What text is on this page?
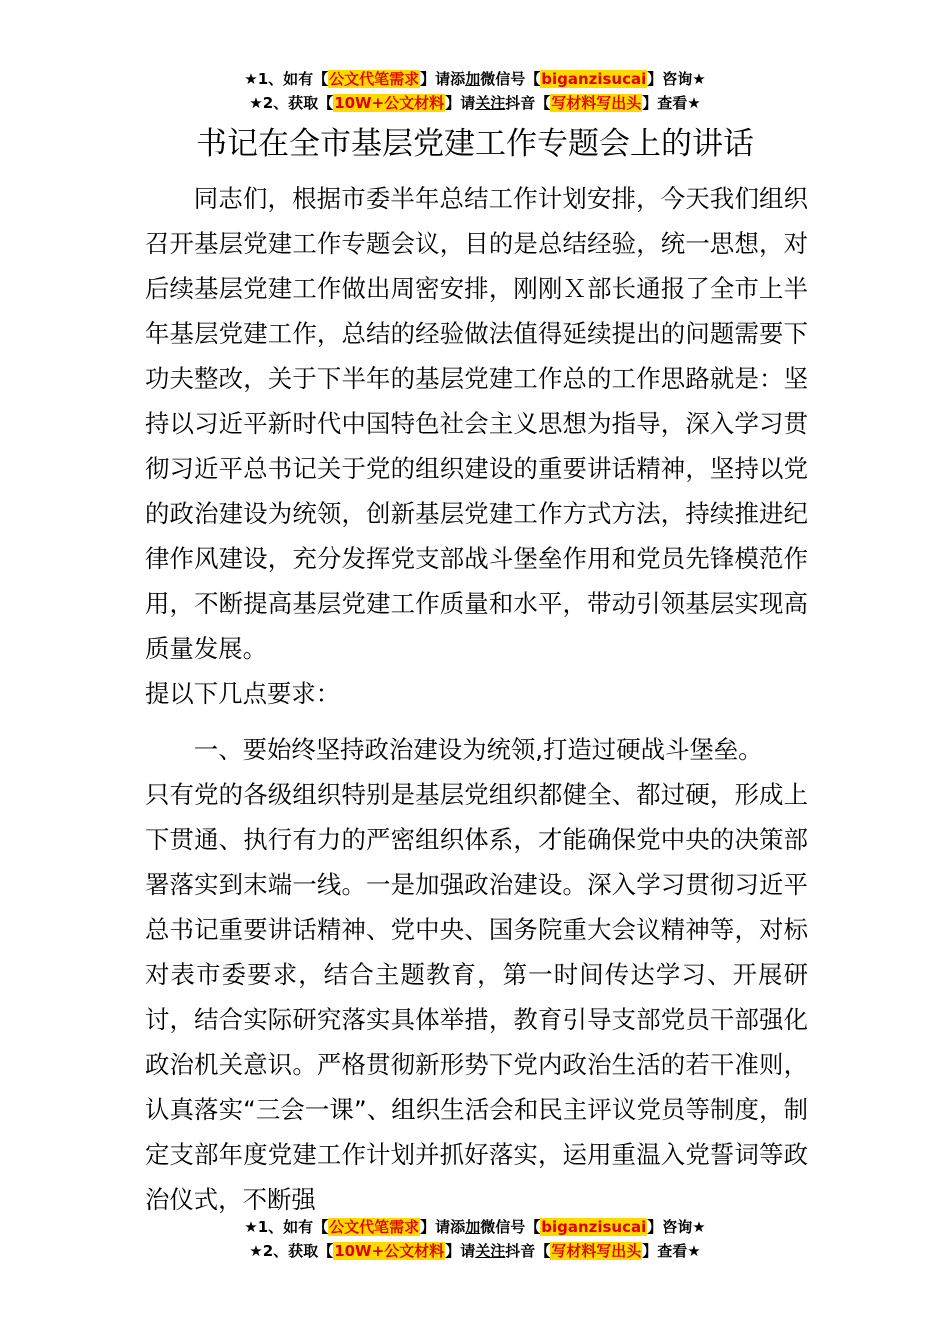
★1、如有【公文代笔需求】请添加微信号【biganzisucai】咨询★
★2、获取【10W+公文材料】请关注抖音【写材料写出头】查看★
书记在全市基层党建工作专题会上的讲话

同志们，根据市委半年总结工作计划安排，今天我们组织召开基层党建工作专题会议，目的是总结经验，统一思想，对后续基层党建工作做出周密安排，刚刚Ｘ部长通报了全市上半年基层党建工作，总结的经验做法值得延续提出的问题需要下功夫整改，关于下半年的基层党建工作总的工作思路就是：坚持以习近平新时代中国特色社会主义思想为指导，深入学习贯彻习近平总书记关于党的组织建设的重要讲话精神，坚持以党的政治建设为统领，创新基层党建工作方式方法，持续推进纪律作风建设，充分发挥党支部战斗堡垒作用和党员先锋模范作用，不断提高基层党建工作质量和水平，带动引领基层实现高质量发展。

提以下几点要求：

一、要始终坚持政治建设为统领,打造过硬战斗堡垒。

只有党的各级组织特别是基层党组织都健全、都过硬，形成上下贯通、执行有力的严密组织体系，才能确保党中央的决策部署落实到末端一线。一是加强政治建设。深入学习贯彻习近平总书记重要讲话精神、党中央、国务院重大会议精神等，对标对表市委要求，结合主题教育，第一时间传达学习、开展研讨，结合实际研究落实具体举措，教育引导支部党员干部强化政治机关意识。严格贯彻新形势下党内政治生活的若干准则，认真落实“三会一课”、组织生活会和民主评议党员等制度，制定支部年度党建工作计划并抓好落实，运用重温入党誓词等政治仪式，不断强

★1、如有【公文代笔需求】请添加微信号【biganzisucai】咨询★
★2、获取【10W+公文材料】请关注抖音【写材料写出头】查看★
